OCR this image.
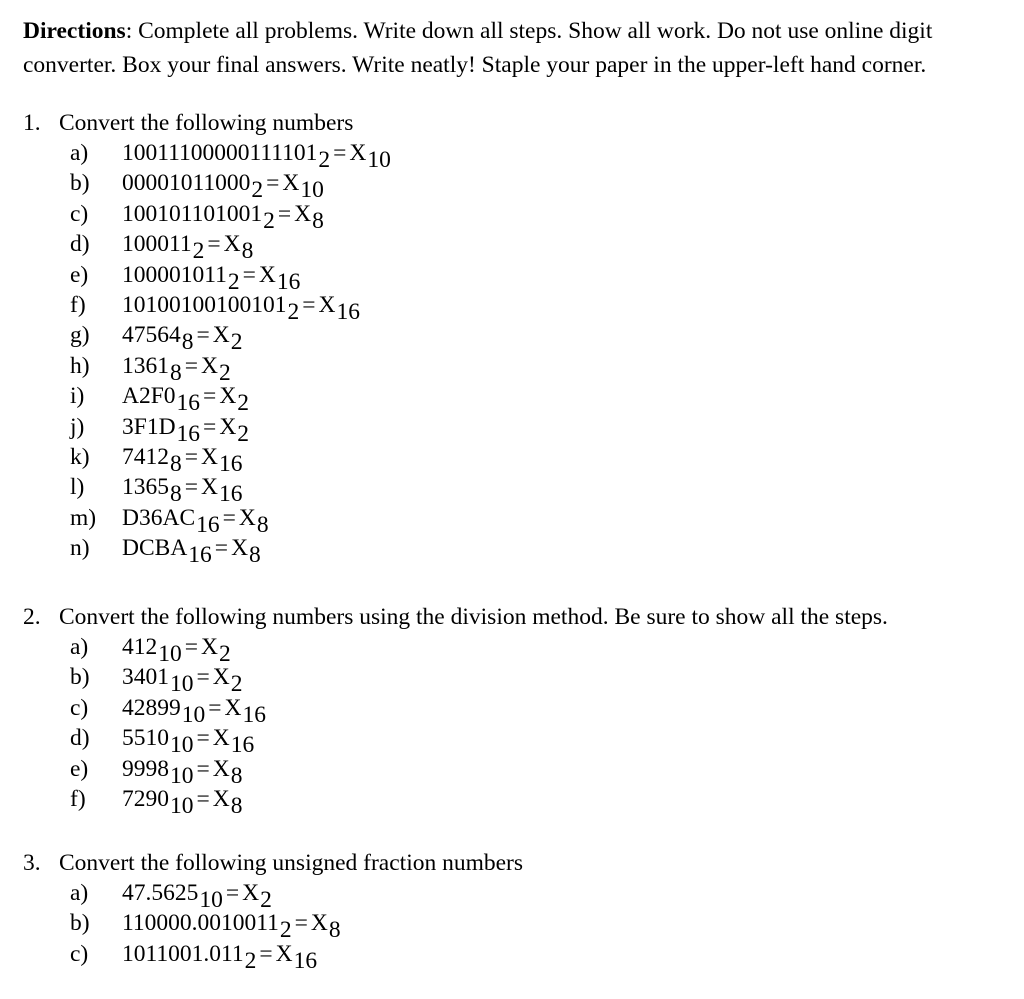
Directions: Complete all problems. Write down all steps. Show all work. Do not use online digit converter. Box your final answers. Write neatly! Staple your paper in the upper-left hand corner.
1. Convert the following numbers
a) 100111000001111012 = X10
b) 000010110002 = X10
c) 1001011010012 = X8
d) 1000112 = X8
e) 1000010112 = X16
f) 101001001001012 = X16
g) 475648 = X2
h) 13618 = X2
i) A2F016 = X2
j) 3F1D16 = X2
k) 74128 = X16
l) 13658 = X16
m) D36AC16 = X8
n) DCBA16 = X8
2. Convert the following numbers using the division method. Be sure to show all the steps.
a) 41210 = X2
b) 340110 = X2
c) 4289910 = X16
d) 551010 = X16
e) 999810 = X8
f) 729010 = X8
3. Convert the following unsigned fraction numbers
a) 47.562510 = X2
b) 110000.00100112 = X8
c) 1011001.0112 = X16
